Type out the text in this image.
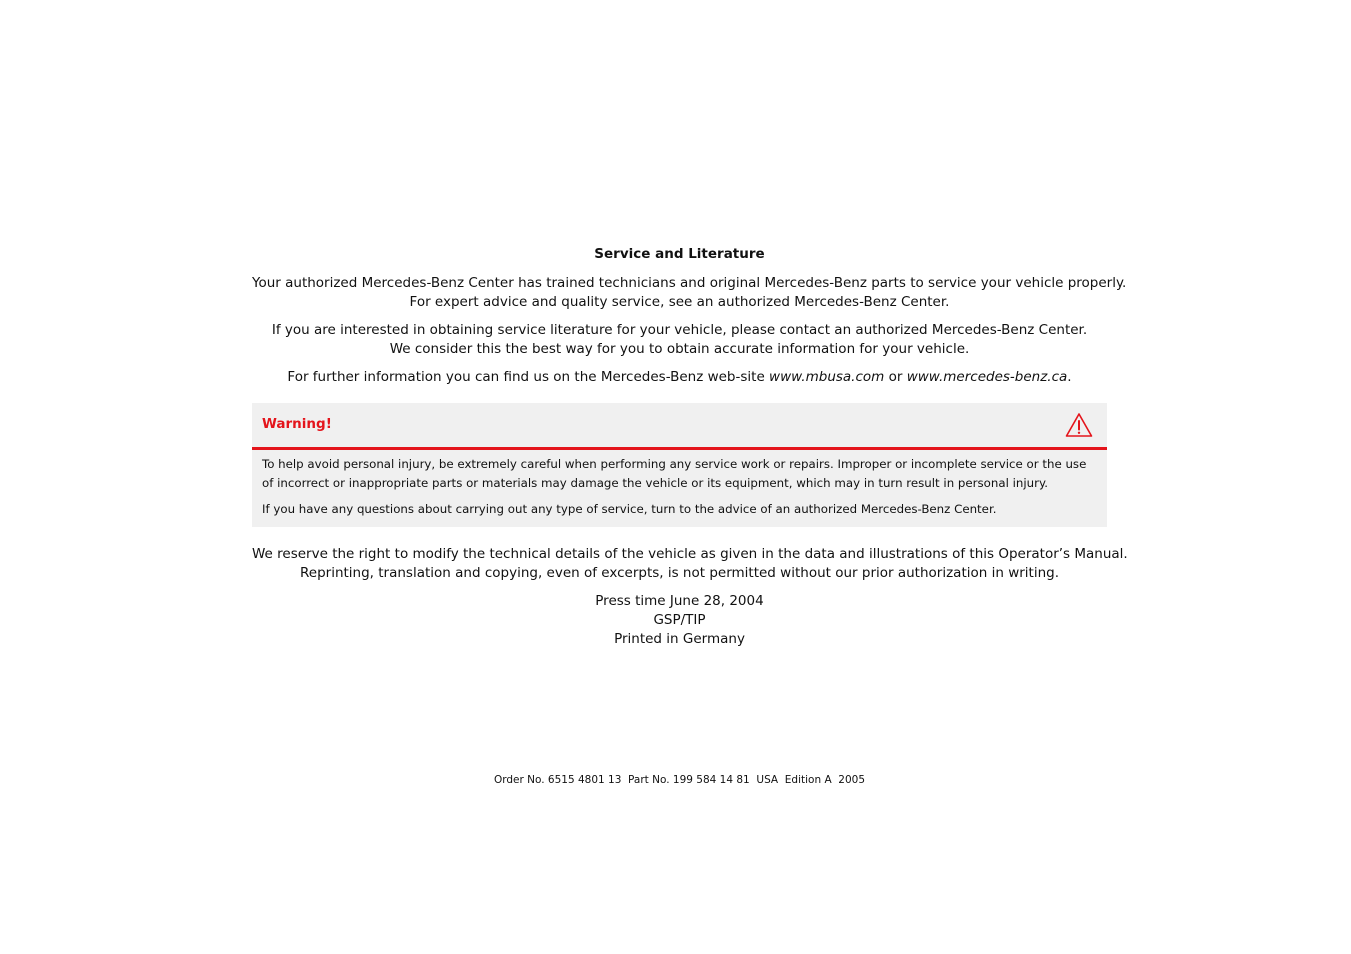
Service and Literature
Your authorized Mercedes-Benz Center has trained technicians and original Mercedes-Benz parts to service your vehicle properly.
For expert advice and quality service, see an authorized Mercedes-Benz Center.
If you are interested in obtaining service literature for your vehicle, please contact an authorized Mercedes-Benz Center.
We consider this the best way for you to obtain accurate information for your vehicle.
For further information you can find us on the Mercedes-Benz web-site www.mbusa.com or www.mercedes-benz.ca.
Warning!

To help avoid personal injury, be extremely careful when performing any service work or repairs. Improper or incomplete service or the use of incorrect or inappropriate parts or materials may damage the vehicle or its equipment, which may in turn result in personal injury.

If you have any questions about carrying out any type of service, turn to the advice of an authorized Mercedes-Benz Center.

We reserve the right to modify the technical details of the vehicle as given in the data and illustrations of this Operator’s Manual.
Reprinting, translation and copying, even of excerpts, is not permitted without our prior authorization in writing.
Press time June 28, 2004
GSP/TIP
Printed in Germany
Order No. 6515 4801 13  Part No. 199 584 14 81  USA  Edition A  2005
